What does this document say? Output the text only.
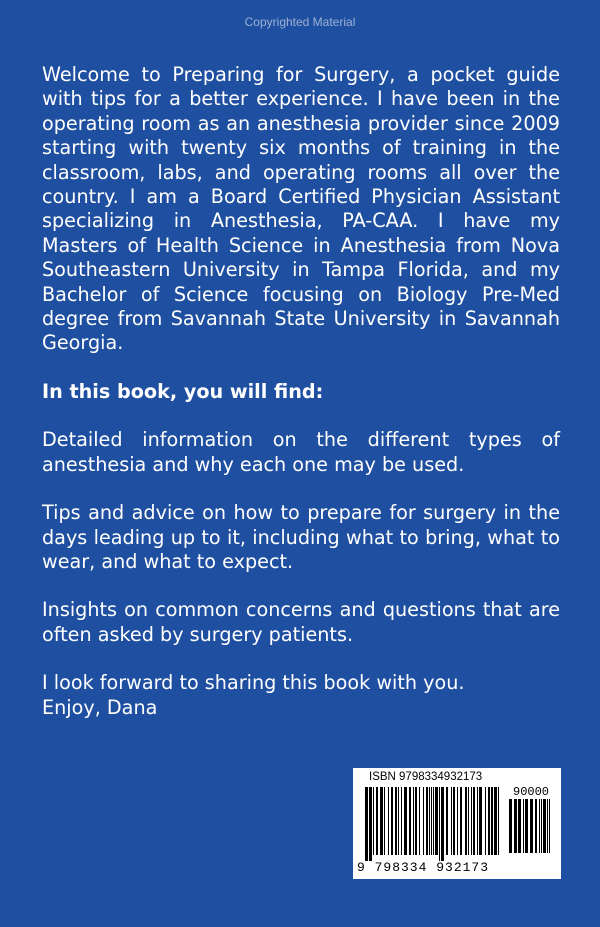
Copyrighted Material

Welcome to Preparing for Surgery, a pocket guide with tips for a better experience. I have been in the operating room as an anesthesia provider since 2009 starting with twenty six months of training in the classroom, labs, and operating rooms all over the country. I am a Board Certified Physician Assistant specializing in Anesthesia, PA-CAA. I have my Masters of Health Science in Anesthesia from Nova Southeastern University in Tampa Florida, and my Bachelor of Science focusing on Biology Pre-Med degree from Savannah State University in Savannah Georgia.

In this book, you will find:

Detailed information on the different types of anesthesia and why each one may be used.

Tips and advice on how to prepare for surgery in the days leading up to it, including what to bring, what to wear, and what to expect.

Insights on common concerns and questions that are often asked by surgery patients.

I look forward to sharing this book with you.
Enjoy, Dana

ISBN 9798334932173
90000
9 798334 932173
